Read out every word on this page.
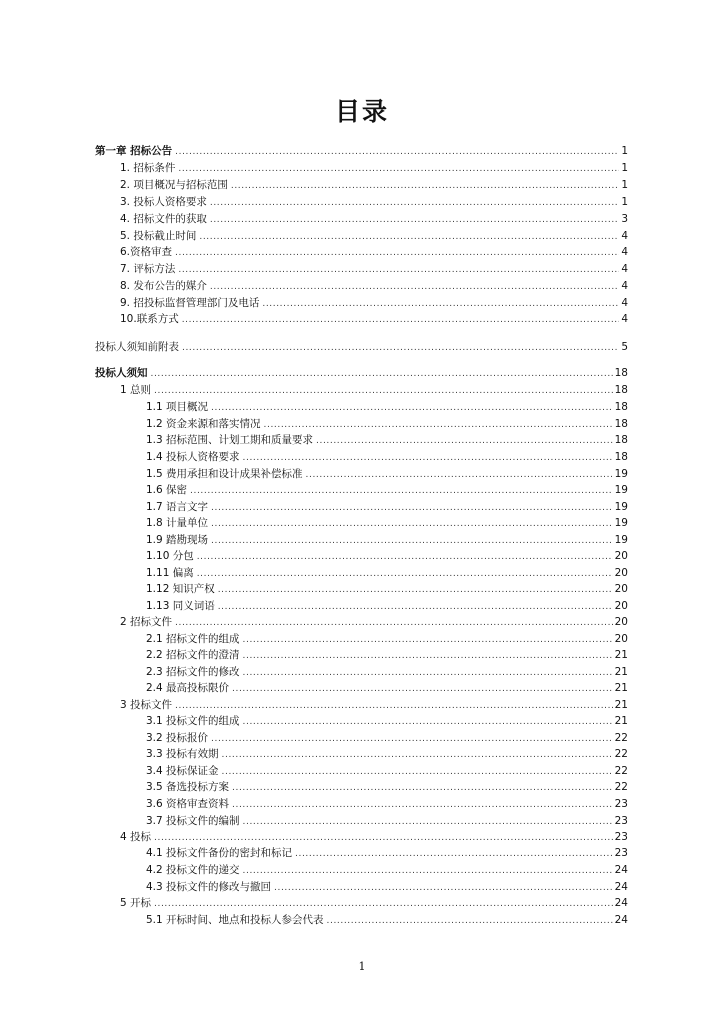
目录
第一章 招标公告 .....	1
1. 招标条件 .....	1
2. 项目概况与招标范围 .....	1
3. 投标人资格要求 .....	1
4. 招标文件的获取 .....	3
5. 投标截止时间 .....	4
6.资格审查 .....	4
7. 评标方法 .....	4
8. 发布公告的媒介 .....	4
9. 招投标监督管理部门及电话 .....	4
10.联系方式 .....	4
投标人须知前附表 .....	5
投标人须知 .....	18
1 总则 .....	18
1.1 项目概况 .....	18
1.2 资金来源和落实情况 .....	18
1.3 招标范围、计划工期和质量要求 .....	18
1.4 投标人资格要求 .....	18
1.5 费用承担和设计成果补偿标准 .....	19
1.6 保密 .....	19
1.7 语言文字 .....	19
1.8 计量单位 .....	19
1.9 踏勘现场 .....	19
1.10 分包 .....	20
1.11 偏离 .....	20
1.12 知识产权 .....	20
1.13 同义词语 .....	20
2 招标文件 .....	20
2.1 招标文件的组成 .....	20
2.2 招标文件的澄清 .....	21
2.3 招标文件的修改 .....	21
2.4 最高投标限价 .....	21
3 投标文件 .....	21
3.1 投标文件的组成 .....	21
3.2 投标报价 .....	22
3.3 投标有效期 .....	22
3.4 投标保证金 .....	22
3.5 备选投标方案 .....	22
3.6 资格审查资料 .....	23
3.7 投标文件的编制 .....	23
4 投标 .....	23
4.1 投标文件备份的密封和标记 .....	23
4.2 投标文件的递交 .....	24
4.3 投标文件的修改与撤回 .....	24
5 开标 .....	24
5.1 开标时间、地点和投标人参会代表 .....	24
1
